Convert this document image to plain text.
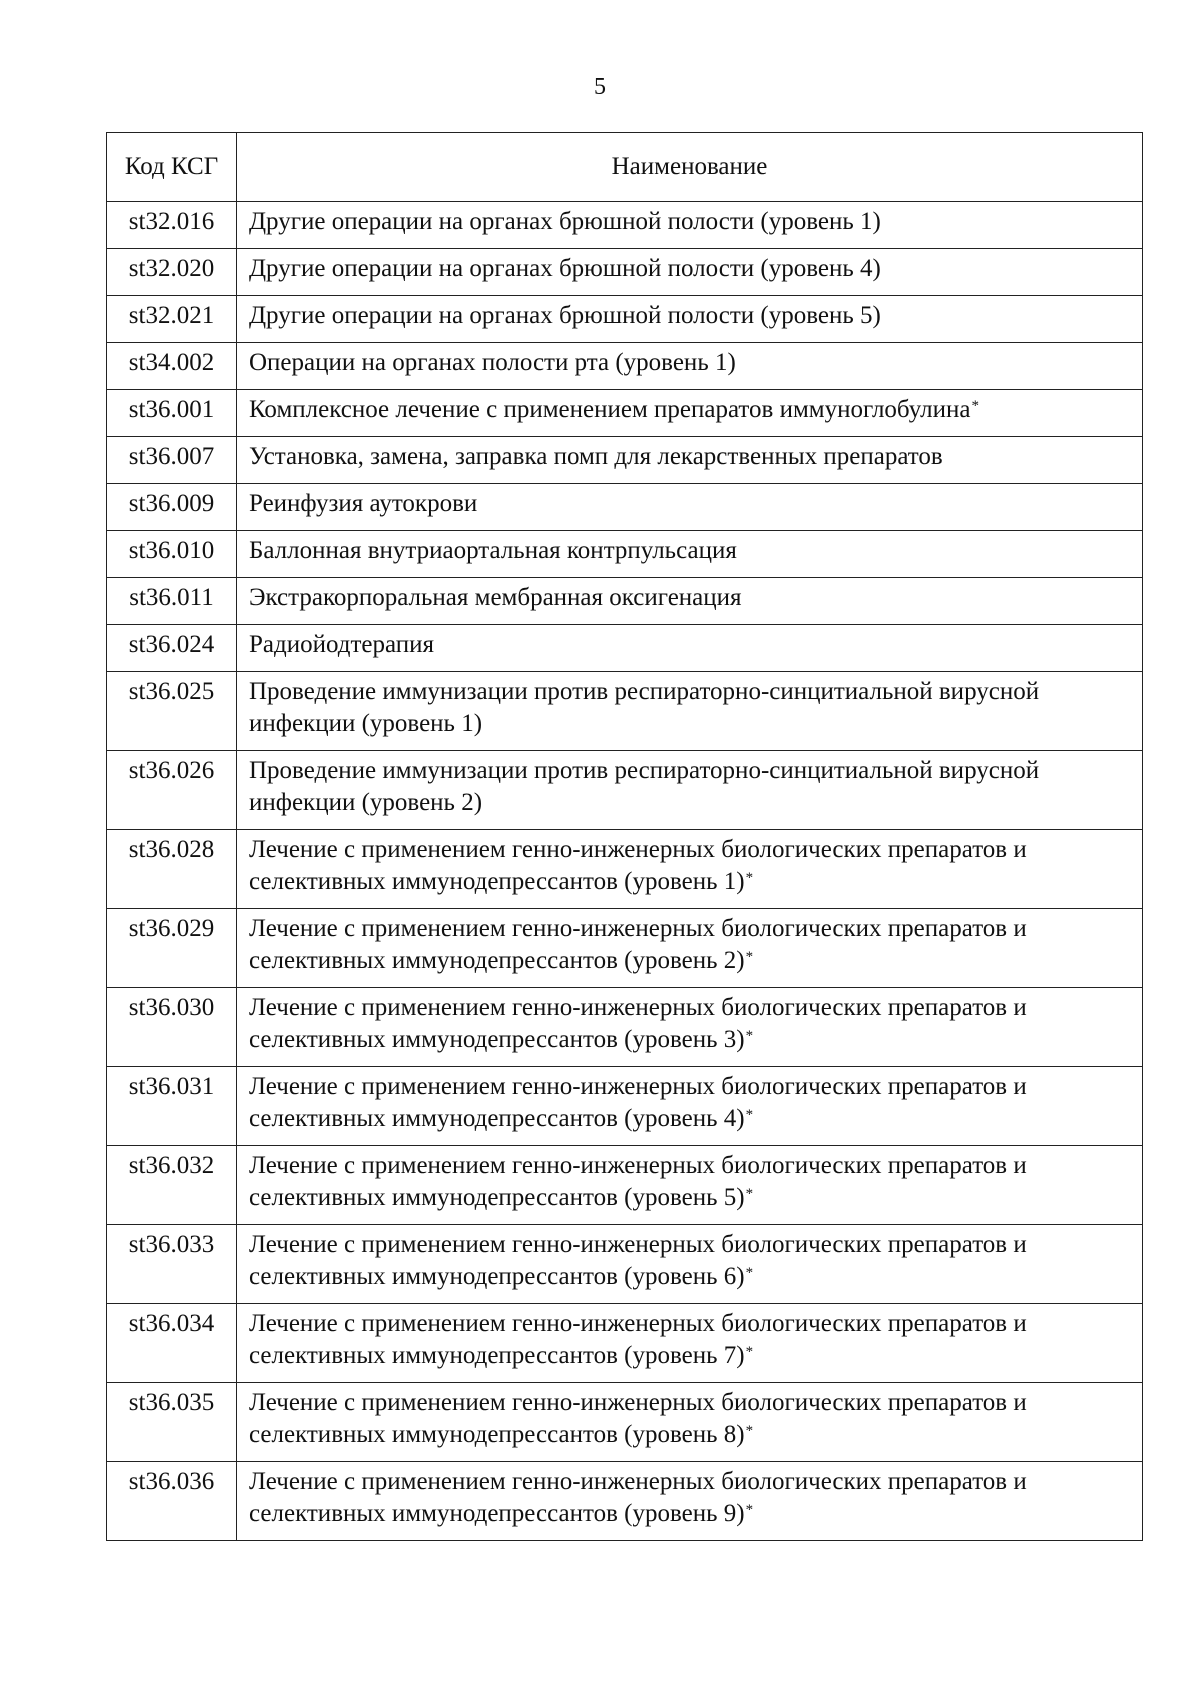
5
Код КСГ	Наименование
st32.016	Другие операции на органах брюшной полости (уровень 1)
st32.020	Другие операции на органах брюшной полости (уровень 4)
st32.021	Другие операции на органах брюшной полости (уровень 5)
st34.002	Операции на органах полости рта (уровень 1)
st36.001	Комплексное лечение с применением препаратов иммуноглобулина*
st36.007	Установка, замена, заправка помп для лекарственных препаратов
st36.009	Реинфузия аутокрови
st36.010	Баллонная внутриаортальная контрпульсация
st36.011	Экстракорпоральная мембранная оксигенация
st36.024	Радиойодтерапия
st36.025	Проведение иммунизации против респираторно-синцитиальной вирусной инфекции (уровень 1)
st36.026	Проведение иммунизации против респираторно-синцитиальной вирусной инфекции (уровень 2)
st36.028	Лечение с применением генно-инженерных биологических препаратов и селективных иммунодепрессантов (уровень 1)*
st36.029	Лечение с применением генно-инженерных биологических препаратов и селективных иммунодепрессантов (уровень 2)*
st36.030	Лечение с применением генно-инженерных биологических препаратов и селективных иммунодепрессантов (уровень 3)*
st36.031	Лечение с применением генно-инженерных биологических препаратов и селективных иммунодепрессантов (уровень 4)*
st36.032	Лечение с применением генно-инженерных биологических препаратов и селективных иммунодепрессантов (уровень 5)*
st36.033	Лечение с применением генно-инженерных биологических препаратов и селективных иммунодепрессантов (уровень 6)*
st36.034	Лечение с применением генно-инженерных биологических препаратов и селективных иммунодепрессантов (уровень 7)*
st36.035	Лечение с применением генно-инженерных биологических препаратов и селективных иммунодепрессантов (уровень 8)*
st36.036	Лечение с применением генно-инженерных биологических препаратов и селективных иммунодепрессантов (уровень 9)*
